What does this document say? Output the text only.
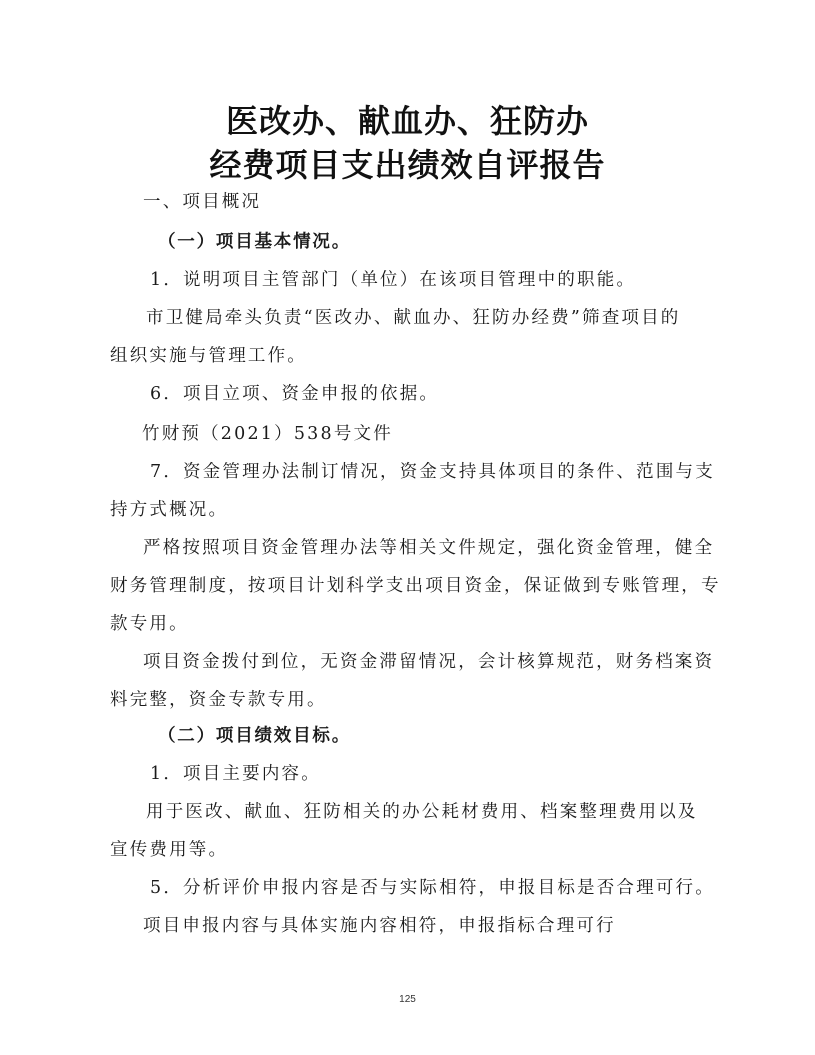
医改办、献血办、狂防办
经费项目支出绩效自评报告
一、项目概况
（一）项目基本情况。
1．说明项目主管部门（单位）在该项目管理中的职能。
市卫健局牵头负责“医改办、献血办、狂防办经费”筛查项目的
组织实施与管理工作。
6．项目立项、资金申报的依据。
竹财预（2021）538号文件
7．资金管理办法制订情况，资金支持具体项目的条件、范围与支
持方式概况。
严格按照项目资金管理办法等相关文件规定，强化资金管理，健全
财务管理制度，按项目计划科学支出项目资金，保证做到专账管理，专
款专用。
项目资金拨付到位，无资金滞留情况，会计核算规范，财务档案资
料完整，资金专款专用。
（二）项目绩效目标。
1．项目主要内容。
用于医改、献血、狂防相关的办公耗材费用、档案整理费用以及
宣传费用等。
5．分析评价申报内容是否与实际相符，申报目标是否合理可行。
项目申报内容与具体实施内容相符，申报指标合理可行
125
